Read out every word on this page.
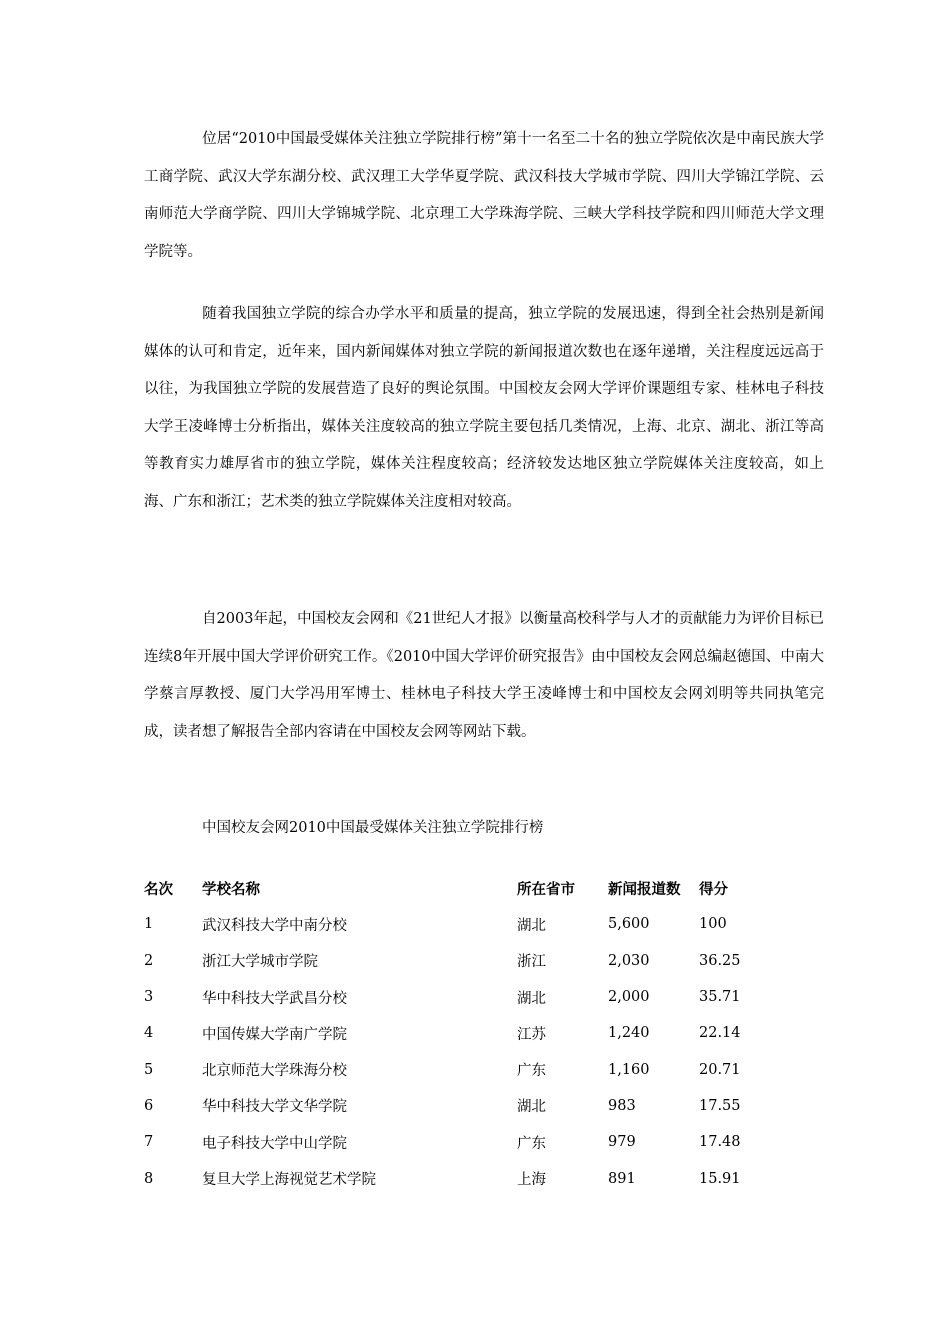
位居“2010中国最受媒体关注独立学院排行榜”第十一名至二十名的独立学院依次是中南民族大学工商学院、武汉大学东湖分校、武汉理工大学华夏学院、武汉科技大学城市学院、四川大学锦江学院、云南师范大学商学院、四川大学锦城学院、北京理工大学珠海学院、三峡大学科技学院和四川师范大学文理学院等。

随着我国独立学院的综合办学水平和质量的提高，独立学院的发展迅速，得到全社会热别是新闻媒体的认可和肯定，近年来，国内新闻媒体对独立学院的新闻报道次数也在逐年递增，关注程度远远高于以往，为我国独立学院的发展营造了良好的舆论氛围。中国校友会网大学评价课题组专家、桂林电子科技大学王凌峰博士分析指出，媒体关注度较高的独立学院主要包括几类情况，上海、北京、湖北、浙江等高等教育实力雄厚省市的独立学院，媒体关注程度较高；经济较发达地区独立学院媒体关注度较高，如上海、广东和浙江；艺术类的独立学院媒体关注度相对较高。

自2003年起，中国校友会网和《21世纪人才报》以衡量高校科学与人才的贡献能力为评价目标已连续8年开展中国大学评价研究工作。《2010中国大学评价研究报告》由中国校友会网总编赵德国、中南大学蔡言厚教授、厦门大学冯用军博士、桂林电子科技大学王凌峰博士和中国校友会网刘明等共同执笔完成，读者想了解报告全部内容请在中国校友会网等网站下载。

中国校友会网2010中国最受媒体关注独立学院排行榜

名次	学校名称	所在省市	新闻报道数	得分
1	武汉科技大学中南分校	湖北	5,600	100
2	浙江大学城市学院	浙江	2,030	36.25
3	华中科技大学武昌分校	湖北	2,000	35.71
4	中国传媒大学南广学院	江苏	1,240	22.14
5	北京师范大学珠海分校	广东	1,160	20.71
6	华中科技大学文华学院	湖北	983	17.55
7	电子科技大学中山学院	广东	979	17.48
8	复旦大学上海视觉艺术学院	上海	891	15.91
